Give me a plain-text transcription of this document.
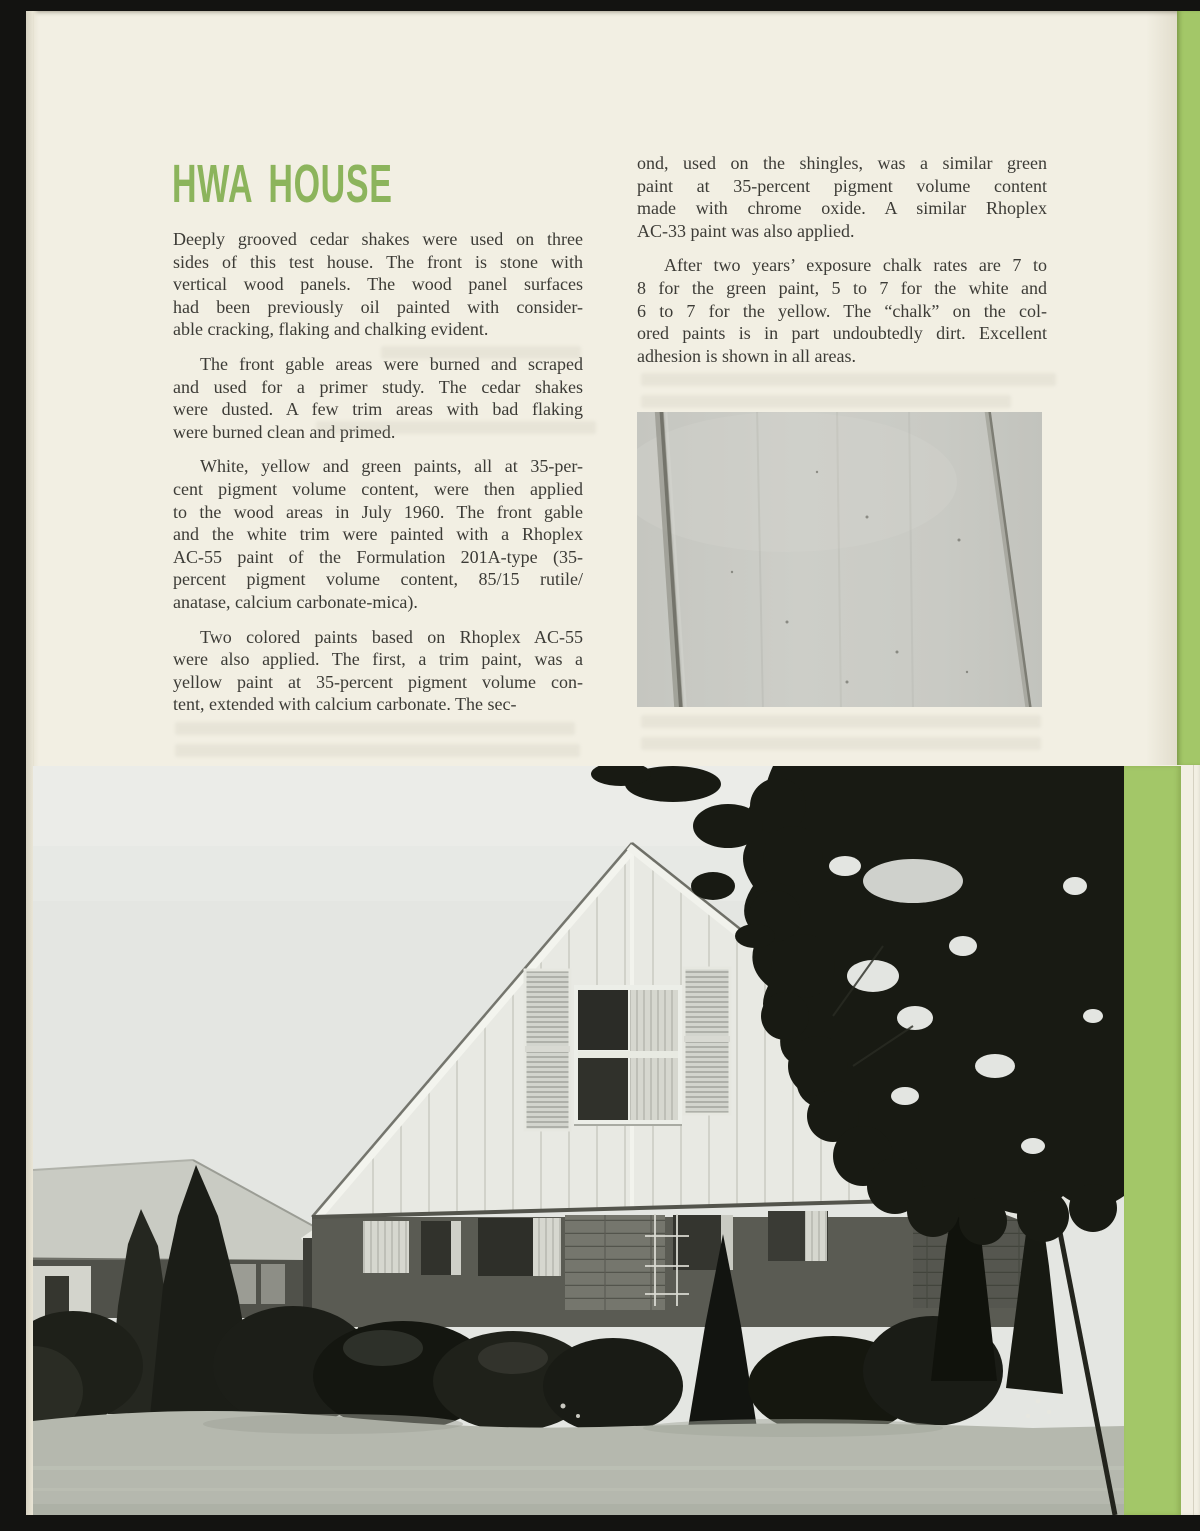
HWA HOUSE
Deeply grooved cedar shakes were used on three
sides of this test house. The front is stone with
vertical wood panels. The wood panel surfaces
had been previously oil painted with consider-
able cracking, flaking and chalking evident.
The front gable areas were burned and scraped
and used for a primer study. The cedar shakes
were dusted. A few trim areas with bad flaking
were burned clean and primed.
White, yellow and green paints, all at 35-per-
cent pigment volume content, were then applied
to the wood areas in July 1960. The front gable
and the white trim were painted with a Rhoplex
AC-55 paint of the Formulation 201A-type (35-
percent pigment volume content, 85/15 rutile/
anatase, calcium carbonate-mica).
Two colored paints based on Rhoplex AC-55
were also applied. The first, a trim paint, was a
yellow paint at 35-percent pigment volume con-
tent, extended with calcium carbonate. The sec-
ond, used on the shingles, was a similar green
paint at 35-percent pigment volume content
made with chrome oxide. A similar Rhoplex
AC-33 paint was also applied.
After two years’ exposure chalk rates are 7 to
8 for the green paint, 5 to 7 for the white and
6 to 7 for the yellow. The “chalk” on the col-
ored paints is in part undoubtedly dirt. Excellent
adhesion is shown in all areas.
